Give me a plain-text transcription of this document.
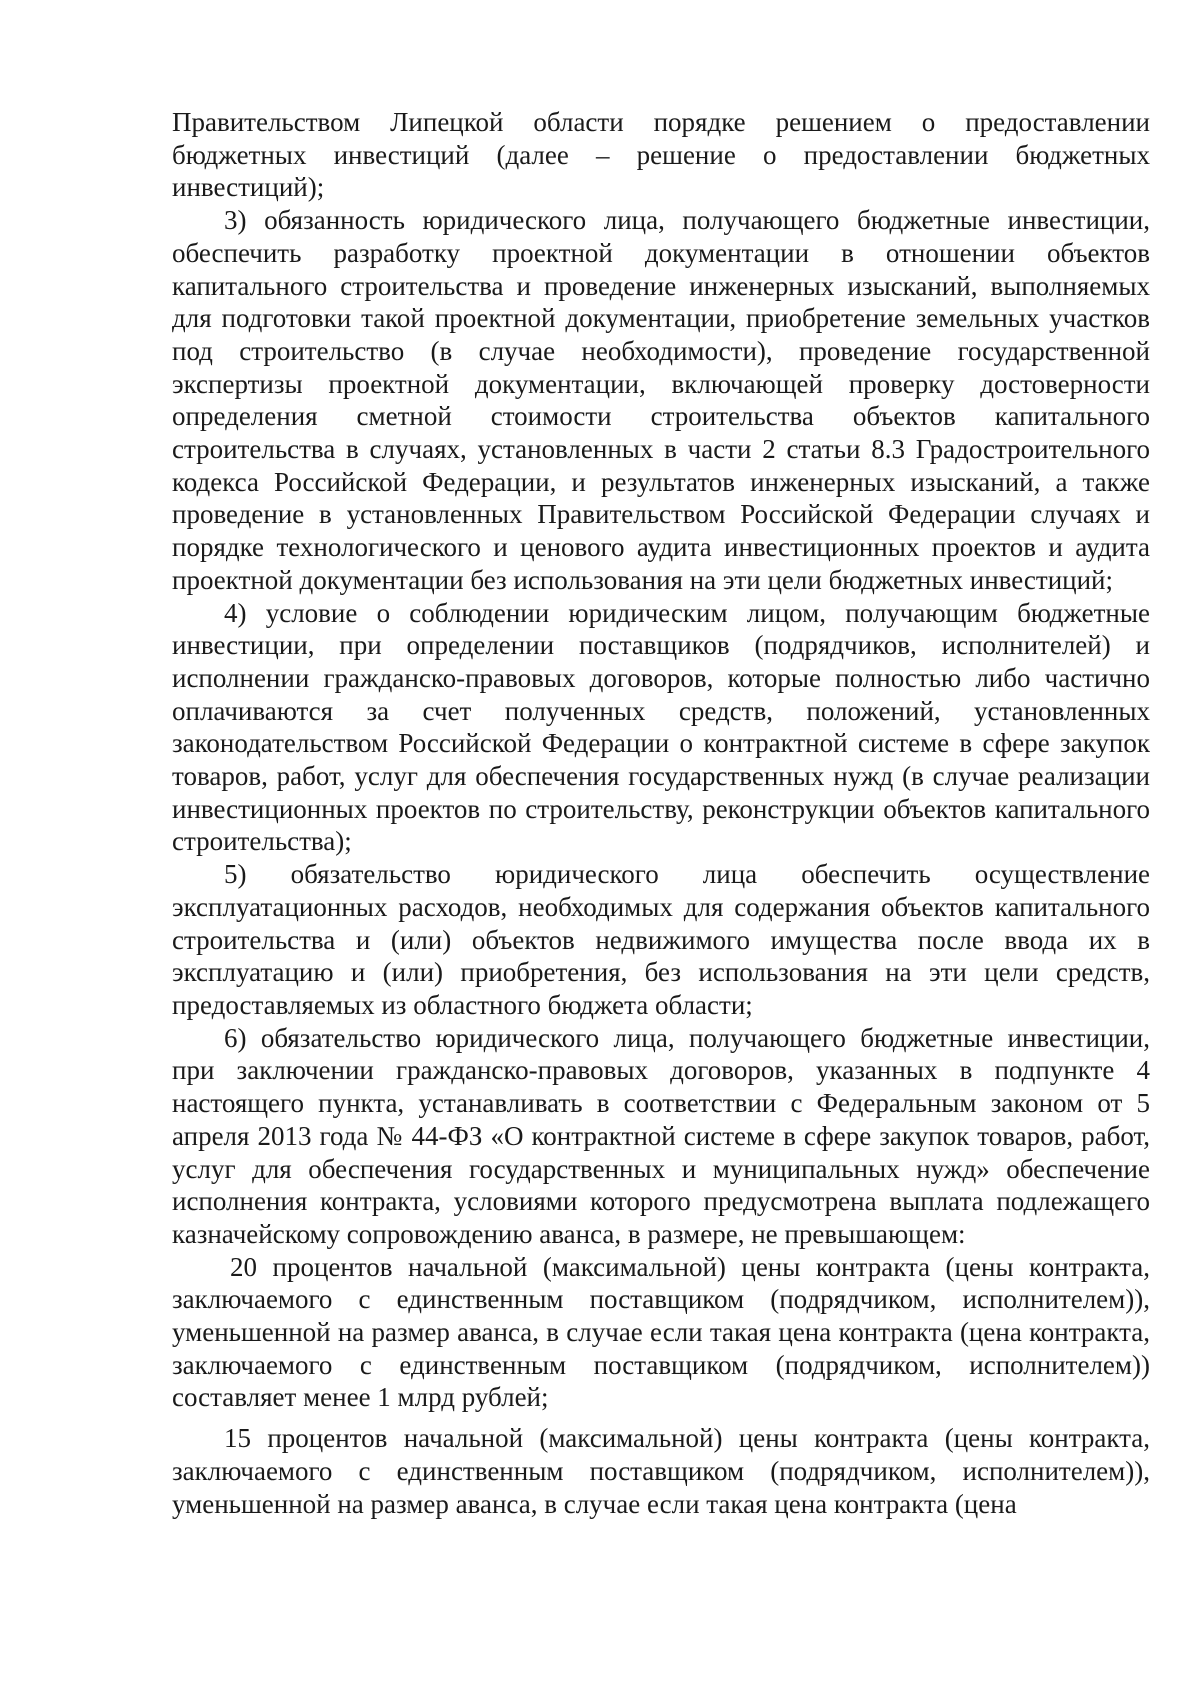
Правительством Липецкой области порядке решением о предоставлении бюджетных инвестиций (далее – решение о предоставлении бюджетных инвестиций);

3) обязанность юридического лица, получающего бюджетные инвестиции, обеспечить разработку проектной документации в отношении объектов капитального строительства и проведение инженерных изысканий, выполняемых для подготовки такой проектной документации, приобретение земельных участков под строительство (в случае необходимости), проведение государственной экспертизы проектной документации, включающей проверку достоверности определения сметной стоимости строительства объектов капитального строительства в случаях, установленных в части 2 статьи 8.3 Градостроительного кодекса Российской Федерации, и результатов инженерных изысканий, а также проведение в установленных Правительством Российской Федерации случаях и порядке технологического и ценового аудита инвестиционных проектов и аудита проектной документации без использования на эти цели бюджетных инвестиций;

4) условие о соблюдении юридическим лицом, получающим бюджетные инвестиции, при определении поставщиков (подрядчиков, исполнителей) и исполнении гражданско-правовых договоров, которые полностью либо частично оплачиваются за счет полученных средств, положений, установленных законодательством Российской Федерации о контрактной системе в сфере закупок товаров, работ, услуг для обеспечения государственных нужд (в случае реализации инвестиционных проектов по строительству, реконструкции объектов капитального строительства);

5) обязательство юридического лица обеспечить осуществление эксплуатационных расходов, необходимых для содержания объектов капитального строительства и (или) объектов недвижимого имущества после ввода их в эксплуатацию и (или) приобретения, без использования на эти цели средств, предоставляемых из областного бюджета области;

6) обязательство юридического лица, получающего бюджетные инвестиции, при заключении гражданско-правовых договоров, указанных в подпункте 4 настоящего пункта, устанавливать в соответствии с Федеральным законом от 5 апреля 2013 года № 44-ФЗ «О контрактной системе в сфере закупок товаров, работ, услуг для обеспечения государственных и муниципальных нужд» обеспечение исполнения контракта, условиями которого предусмотрена выплата подлежащего казначейскому сопровождению аванса, в размере, не превышающем:

20 процентов начальной (максимальной) цены контракта (цены контракта, заключаемого с единственным поставщиком (подрядчиком, исполнителем)), уменьшенной на размер аванса, в случае если такая цена контракта (цена контракта, заключаемого с единственным поставщиком (подрядчиком, исполнителем)) составляет менее 1 млрд рублей;

15 процентов начальной (максимальной) цены контракта (цены контракта, заключаемого с единственным поставщиком (подрядчиком, исполнителем)), уменьшенной на размер аванса, в случае если такая цена контракта (цена
